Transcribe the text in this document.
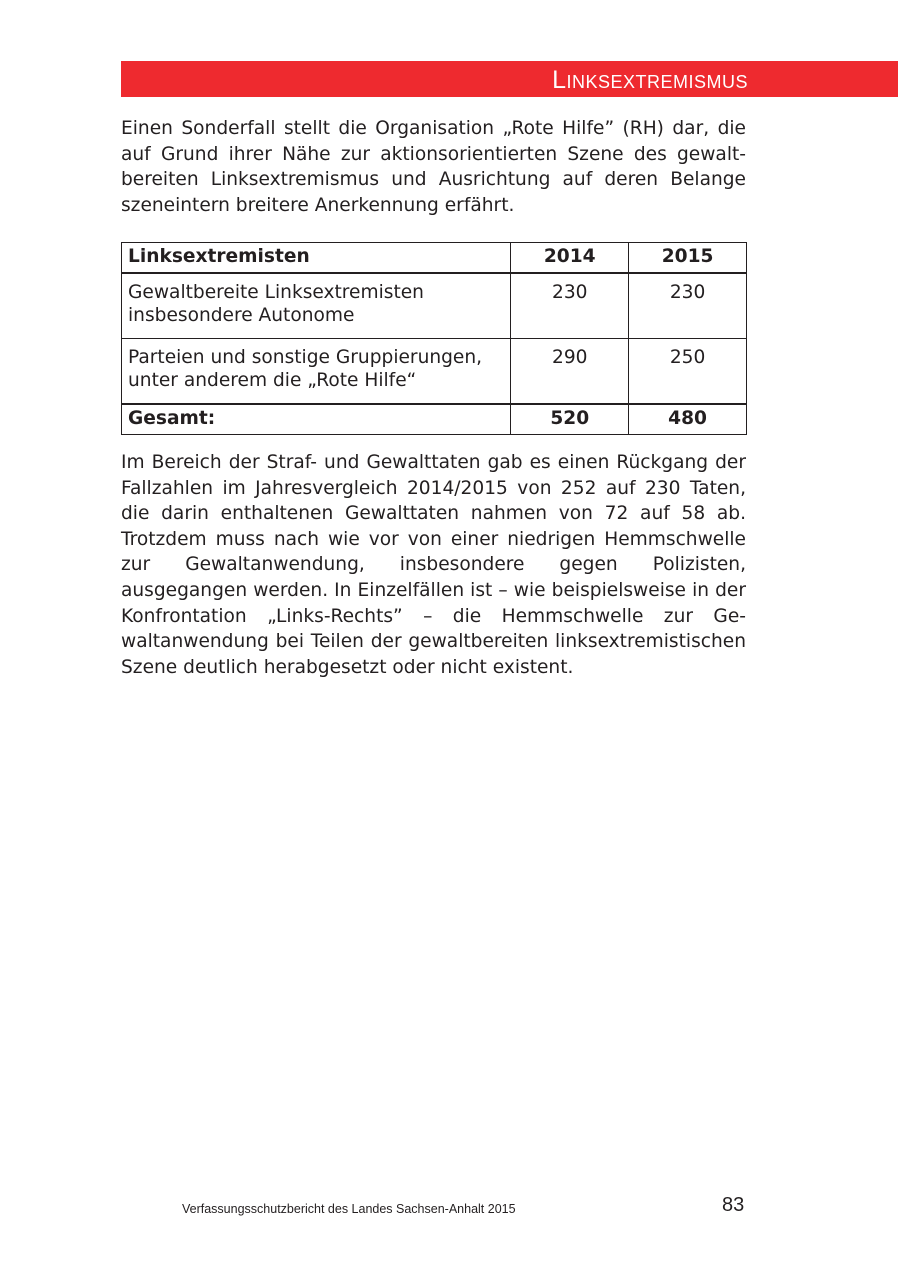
Linksextremismus

Einen Sonderfall stellt die Organisation „Rote Hilfe” (RH) dar, die auf Grund ihrer Nähe zur aktionsorientierten Szene des gewaltbereiten Linksextremismus und Ausrichtung auf deren Belange szeneintern breitere Anerkennung erfährt.

Linksextremisten	2014	2015
Gewaltbereite Linksextremisten insbesondere Autonome	230	230
Parteien und sonstige Gruppierungen, unter anderem die „Rote Hilfe“	290	250
Gesamt:	520	480

Im Bereich der Straf- und Gewalttaten gab es einen Rückgang der Fallzahlen im Jahresvergleich 2014/2015 von 252 auf 230 Taten, die darin enthaltenen Gewalttaten nahmen von 72 auf 58 ab. Trotzdem muss nach wie vor von einer niedrigen Hemmschwelle zur Gewaltanwendung, insbesondere gegen Polizisten, ausgegangen werden. In Einzelfällen ist – wie beispielsweise in der Konfrontation „Links-Rechts” – die Hemmschwelle zur Gewaltanwendung bei Teilen der gewaltbereiten linksextremistischen Szene deutlich herabgesetzt oder nicht existent.

Verfassungsschutzbericht des Landes Sachsen-Anhalt 2015	83
